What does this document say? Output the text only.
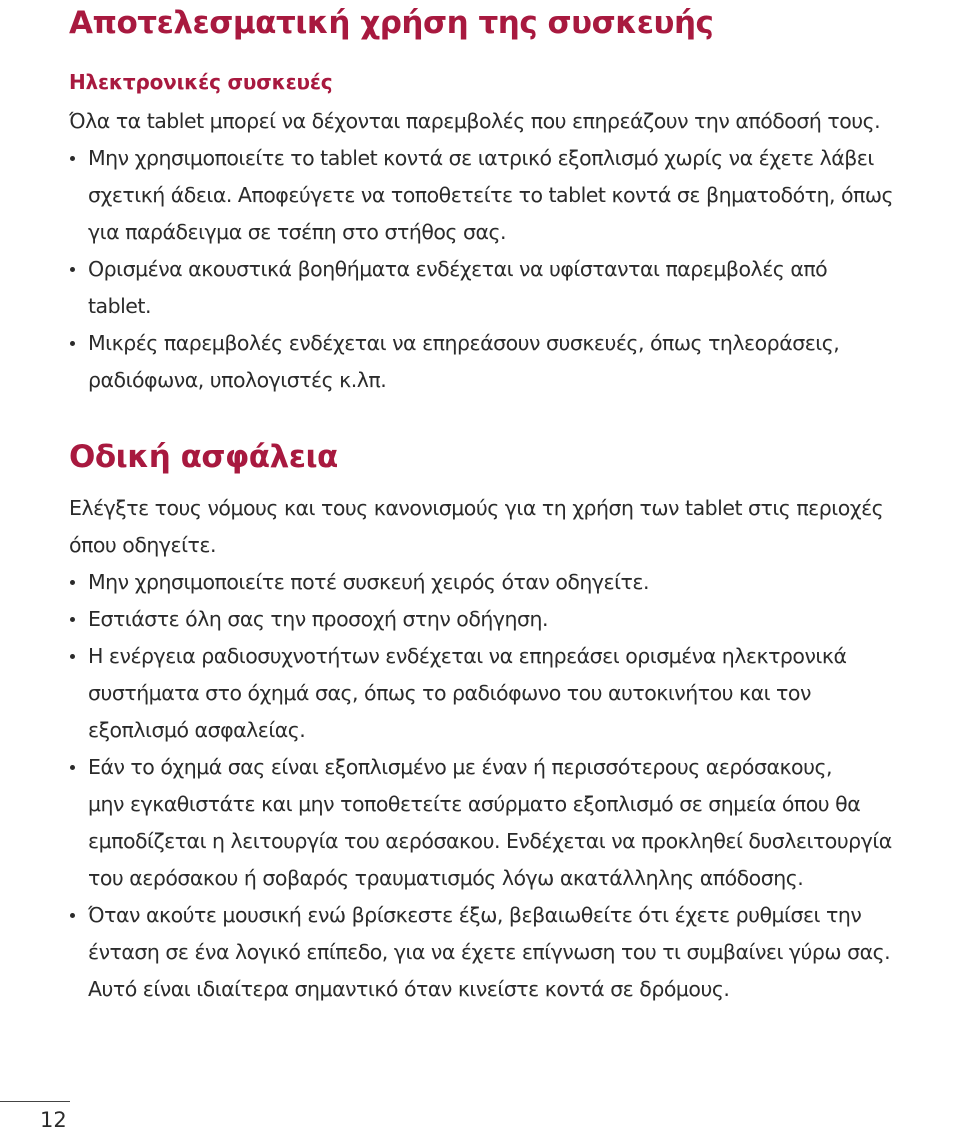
Αποτελεσματική χρήση της συσκευής
Ηλεκτρονικές συσκευές

Όλα τα tablet μπορεί να δέχονται παρεμβολές που επηρεάζουν την απόδοσή τους.

Μην χρησιμοποιείτε το tablet κοντά σε ιατρικό εξοπλισμό χωρίς να έχετε λάβει
σχετική άδεια. Αποφεύγετε να τοποθετείτε το tablet κοντά σε βηματοδότη, όπως
για παράδειγμα σε τσέπη στο στήθος σας.
Ορισμένα ακουστικά βοηθήματα ενδέχεται να υφίστανται παρεμβολές από
tablet.
Μικρές παρεμβολές ενδέχεται να επηρεάσουν συσκευές, όπως τηλεοράσεις,
ραδιόφωνα, υπολογιστές κ.λπ.
Οδική ασφάλεια

Ελέγξτε τους νόμους και τους κανονισμούς για τη χρήση των tablet στις περιοχές
όπου οδηγείτε.

Μην χρησιμοποιείτε ποτέ συσκευή χειρός όταν οδηγείτε.
Εστιάστε όλη σας την προσοχή στην οδήγηση.
Η ενέργεια ραδιοσυχνοτήτων ενδέχεται να επηρεάσει ορισμένα ηλεκτρονικά
συστήματα στο όχημά σας, όπως το ραδιόφωνο του αυτοκινήτου και τον
εξοπλισμό ασφαλείας.
Εάν το όχημά σας είναι εξοπλισμένο με έναν ή περισσότερους αερόσακους,
μην εγκαθιστάτε και μην τοποθετείτε ασύρματο εξοπλισμό σε σημεία όπου θα
εμποδίζεται η λειτουργία του αερόσακου. Ενδέχεται να προκληθεί δυσλειτουργία
του αερόσακου ή σοβαρός τραυματισμός λόγω ακατάλληλης απόδοσης.
Όταν ακούτε μουσική ενώ βρίσκεστε έξω, βεβαιωθείτε ότι έχετε ρυθμίσει την
ένταση σε ένα λογικό επίπεδο, για να έχετε επίγνωση του τι συμβαίνει γύρω σας.
Αυτό είναι ιδιαίτερα σημαντικό όταν κινείστε κοντά σε δρόμους.
12
